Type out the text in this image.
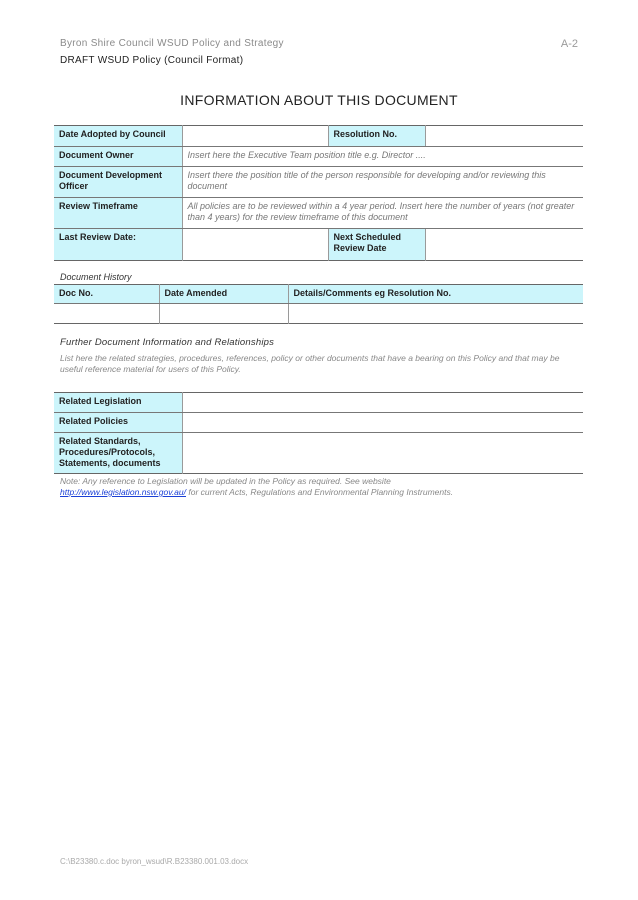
Byron Shire Council WSUD Policy and Strategy	A-2
DRAFT WSUD Policy (Council Format)
INFORMATION ABOUT THIS DOCUMENT
Date Adopted by Council		Resolution No.	
Document Owner	Insert here the Executive Team position title e.g. Director ....		
Document Development Officer	Insert there the position title of the person responsible for developing and/or reviewing this document		
Review Timeframe	All policies are to be reviewed within a 4 year period. Insert here the number of years (not greater than 4 years) for the review timeframe of this document		
Last Review Date:		Next Scheduled Review Date	
Document History
Doc No.	Date Amended	Details/Comments eg Resolution No.

Further Document Information and Relationships
List here the related strategies, procedures, references, policy or other documents that have a bearing on this Policy and that may be useful reference material for users of this Policy.
Related Legislation	
Related Policies	
Related Standards, Procedures/Protocols, Statements, documents	
Note: Any reference to Legislation will be updated in the Policy as required. See website
http://www.legislation.nsw.gov.au/ for current Acts, Regulations and Environmental Planning Instruments.
C:\B23380.c.doc byron_wsud\R.B23380.001.03.docx
